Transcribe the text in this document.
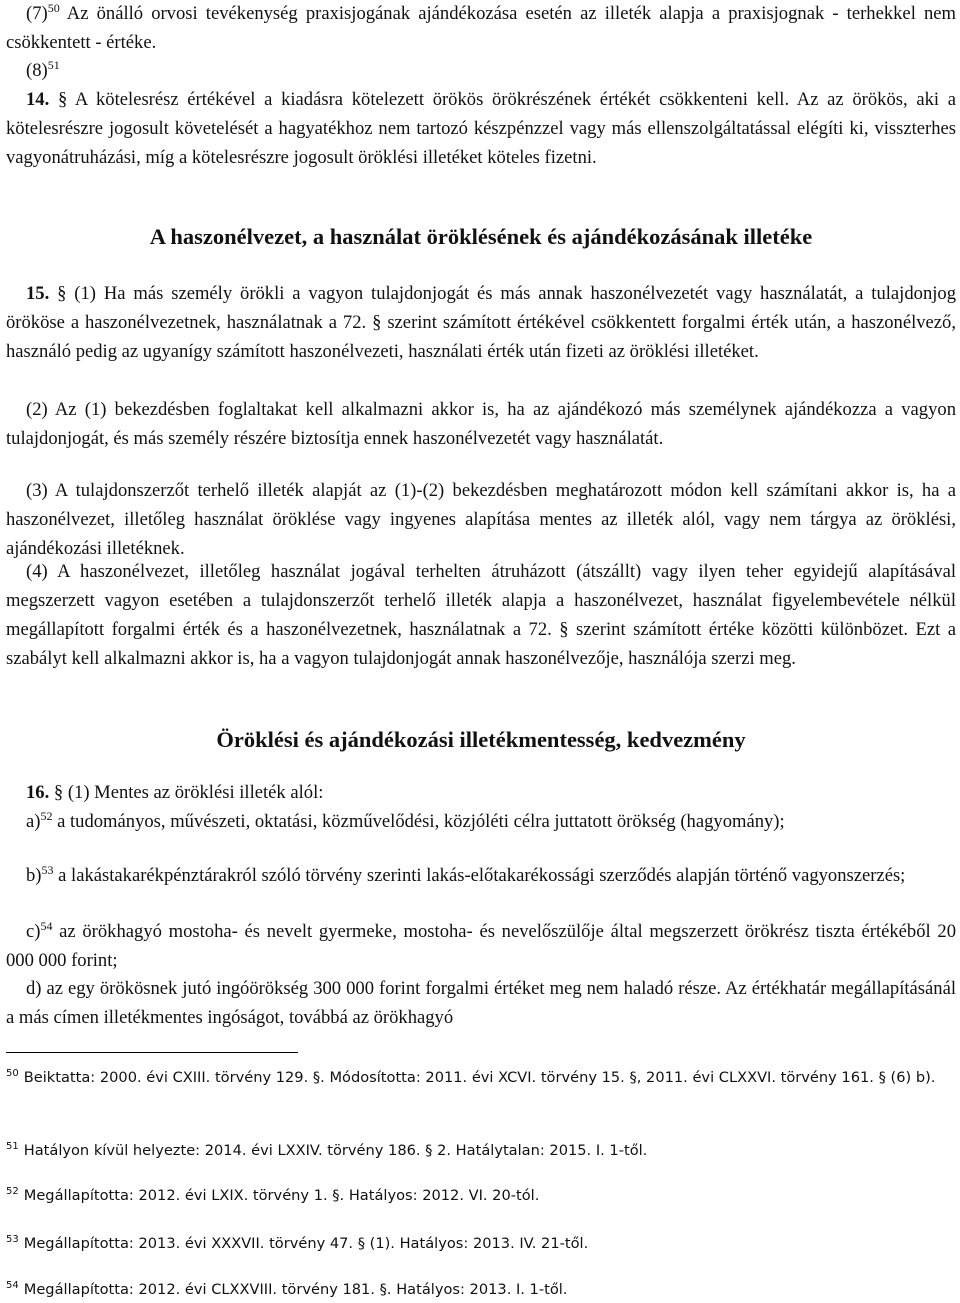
$(7)^{50}$ Az önálló orvosi tevékenység praxisjogának ajándékozása esetén az illeték alapja a praxisjognak - terhekkel nem csökkentett - értéke.

$(8)^{51}$

14. § A kötelesrész értékével a kiadásra kötelezett örökös örökrészének értékét csökkenteni kell. Az az örökös, aki a kötelesrészre jogosult követelését a hagyatékhoz nem tartozó készpénzzel vagy más ellenszolgáltatással elégíti ki, visszterhes vagyonátruházási, míg a kötelesrészre jogosult öröklési illetéket köteles fizetni.

A haszonélvezet, a használat öröklésének és ajándékozásának illetéke

15. § (1) Ha más személy örökli a vagyon tulajdonjogát és más annak haszonélvezetét vagy használatát, a tulajdonjog örököse a haszonélvezetnek, használatnak a 72. § szerint számított értékével csökkentett forgalmi érték után, a haszonélvező, használó pedig az ugyanígy számított haszonélvezeti, használati érték után fizeti az öröklési illetéket.

(2) Az (1) bekezdésben foglaltakat kell alkalmazni akkor is, ha az ajándékozó más személynek ajándékozza a vagyon tulajdonjogát, és más személy részére biztosítja ennek haszonélvezetét vagy használatát.

(3) A tulajdonszerzőt terhelő illeték alapját az (1)-(2) bekezdésben meghatározott módon kell számítani akkor is, ha a haszonélvezet, illetőleg használat öröklése vagy ingyenes alapítása mentes az illeték alól, vagy nem tárgya az öröklési, ajándékozási illetéknek.

(4) A haszonélvezet, illetőleg használat jogával terhelten átruházott (átszállt) vagy ilyen teher egyidejű alapításával megszerzett vagyon esetében a tulajdonszerzőt terhelő illeték alapja a haszonélvezet, használat figyelembevétele nélkül megállapított forgalmi érték és a haszonélvezetnek, használatnak a 72. § szerint számított értéke közötti különbözet. Ezt a szabályt kell alkalmazni akkor is, ha a vagyon tulajdonjogát annak haszonélvezője, használója szerzi meg.

Öröklési és ajándékozási illetékmentesség, kedvezmény

16. § (1) Mentes az öröklési illeték alól:

a)$^{52}$ a tudományos, művészeti, oktatási, közművelődési, közjóléti célra juttatott örökség (hagyomány);

b)$^{53}$ a lakástakarékpénztárakról szóló törvény szerinti lakás-előtakarékossági szerződés alapján történő vagyonszerzés;

c)$^{54}$ az örökhagyó mostoha- és nevelt gyermeke, mostoha- és nevelőszülője által megszerzett örökrész tiszta értékéből 20 000 000 forint;

d) az egy örökösnek jutó ingóörökség 300 000 forint forgalmi értéket meg nem haladó része. Az értékhatár megállapításánál a más címen illetékmentes ingóságot, továbbá az örökhagyó

$^{50}$ Beiktatta: 2000. évi CXIII. törvény 129. §. Módosította: 2011. évi XCVI. törvény 15. §, 2011. évi CLXXVI. törvény 161. § (6) b).

$^{51}$ Hatályon kívül helyezte: 2014. évi LXXIV. törvény 186. § 2. Hatálytalan: 2015. I. 1-től.

$^{52}$ Megállapította: 2012. évi LXIX. törvény 1. §. Hatályos: 2012. VI. 20-tól.

$^{53}$ Megállapította: 2013. évi XXXVII. törvény 47. § (1). Hatályos: 2013. IV. 21-től.

$^{54}$ Megállapította: 2012. évi CLXXVIII. törvény 181. §. Hatályos: 2013. I. 1-től.
